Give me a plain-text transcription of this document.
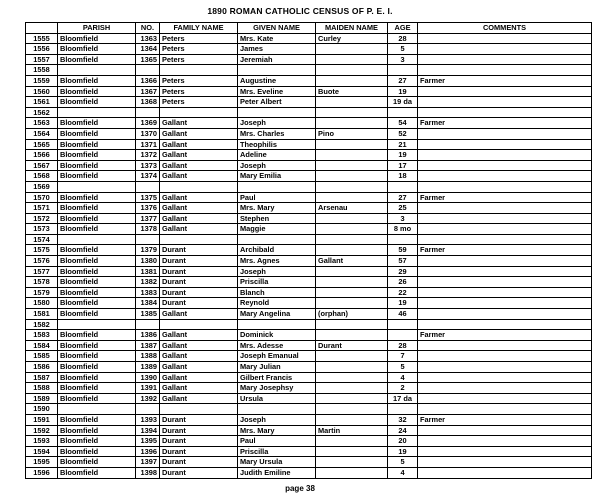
1890 ROMAN CATHOLIC CENSUS OF P. E. I.
	PARISH	NO.	FAMILY NAME	GIVEN NAME	MAIDEN NAME	AGE	COMMENTS
1555	Bloomfield	1363	Peters	Mrs. Kate	Curley	28	
1556	Bloomfield	1364	Peters	James		5	
1557	Bloomfield	1365	Peters	Jeremiah		3	
1558							
1559	Bloomfield	1366	Peters	Augustine		27	Farmer
1560	Bloomfield	1367	Peters	Mrs. Eveline	Buote	19	
1561	Bloomfield	1368	Peters	Peter Albert		19 da	
1562							
1563	Bloomfield	1369	Gallant	Joseph		54	Farmer
1564	Bloomfield	1370	Gallant	Mrs. Charles	Pino	52	
1565	Bloomfield	1371	Gallant	Theophilis		21	
1566	Bloomfield	1372	Gallant	Adeline		19	
1567	Bloomfield	1373	Gallant	Joseph		17	
1568	Bloomfield	1374	Gallant	Mary Emilia		18	
1569							
1570	Bloomfield	1375	Gallant	Paul		27	Farmer
1571	Bloomfield	1376	Gallant	Mrs. Mary	Arsenau	25	
1572	Bloomfield	1377	Gallant	Stephen		3	
1573	Bloomfield	1378	Gallant	Maggie		8 mo	
1574							
1575	Bloomfield	1379	Durant	Archibald		59	Farmer
1576	Bloomfield	1380	Durant	Mrs. Agnes	Gallant	57	
1577	Bloomfield	1381	Durant	Joseph		29	
1578	Bloomfield	1382	Durant	Priscilla		26	
1579	Bloomfield	1383	Durant	Blanch		22	
1580	Bloomfield	1384	Durant	Reynold		19	
1581	Bloomfield	1385	Gallant	Mary Angelina	(orphan)	46	
1582							
1583	Bloomfield	1386	Gallant	Dominick			Farmer
1584	Bloomfield	1387	Gallant	Mrs. Adesse	Durant	28	
1585	Bloomfield	1388	Gallant	Joseph Emanual		7	
1586	Bloomfield	1389	Gallant	Mary Julian		5	
1587	Bloomfield	1390	Gallant	Gilbert Francis		4	
1588	Bloomfield	1391	Gallant	Mary Josephsy		2	
1589	Bloomfield	1392	Gallant	Ursula		17 da	
1590							
1591	Bloomfield	1393	Durant	Joseph		32	Farmer
1592	Bloomfield	1394	Durant	Mrs. Mary	Martin	24	
1593	Bloomfield	1395	Durant	Paul		20	
1594	Bloomfield	1396	Durant	Priscilla		19	
1595	Bloomfield	1397	Durant	Mary Ursula		5	
1596	Bloomfield	1398	Durant	Judith Emiline		4	
page 38
